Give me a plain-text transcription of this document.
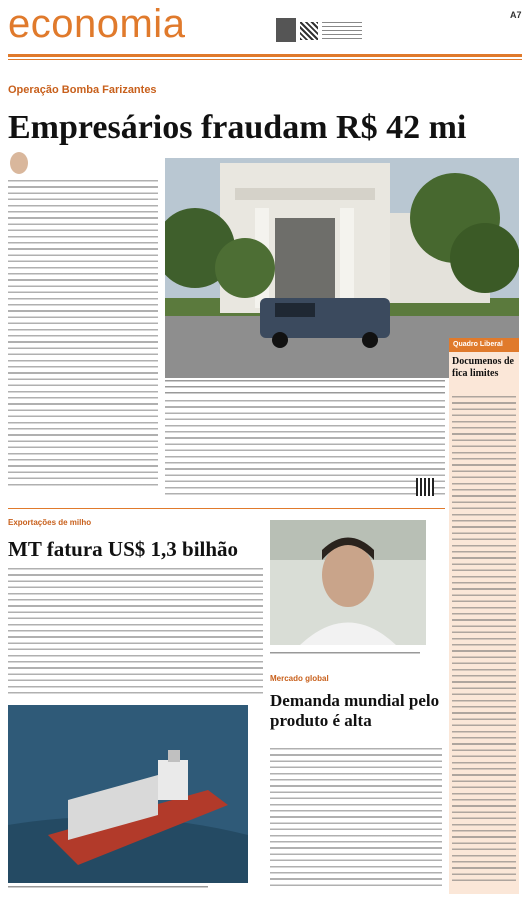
economia	A7
Operação Bomba Farizantes
Empresários fraudam R$ 42 mi
Quadro Liberal
Documenos de fica limites
Exportações de milho
MT fatura US$ 1,3 bilhão
Mercado global
Demanda mundial pelo produto é alta
